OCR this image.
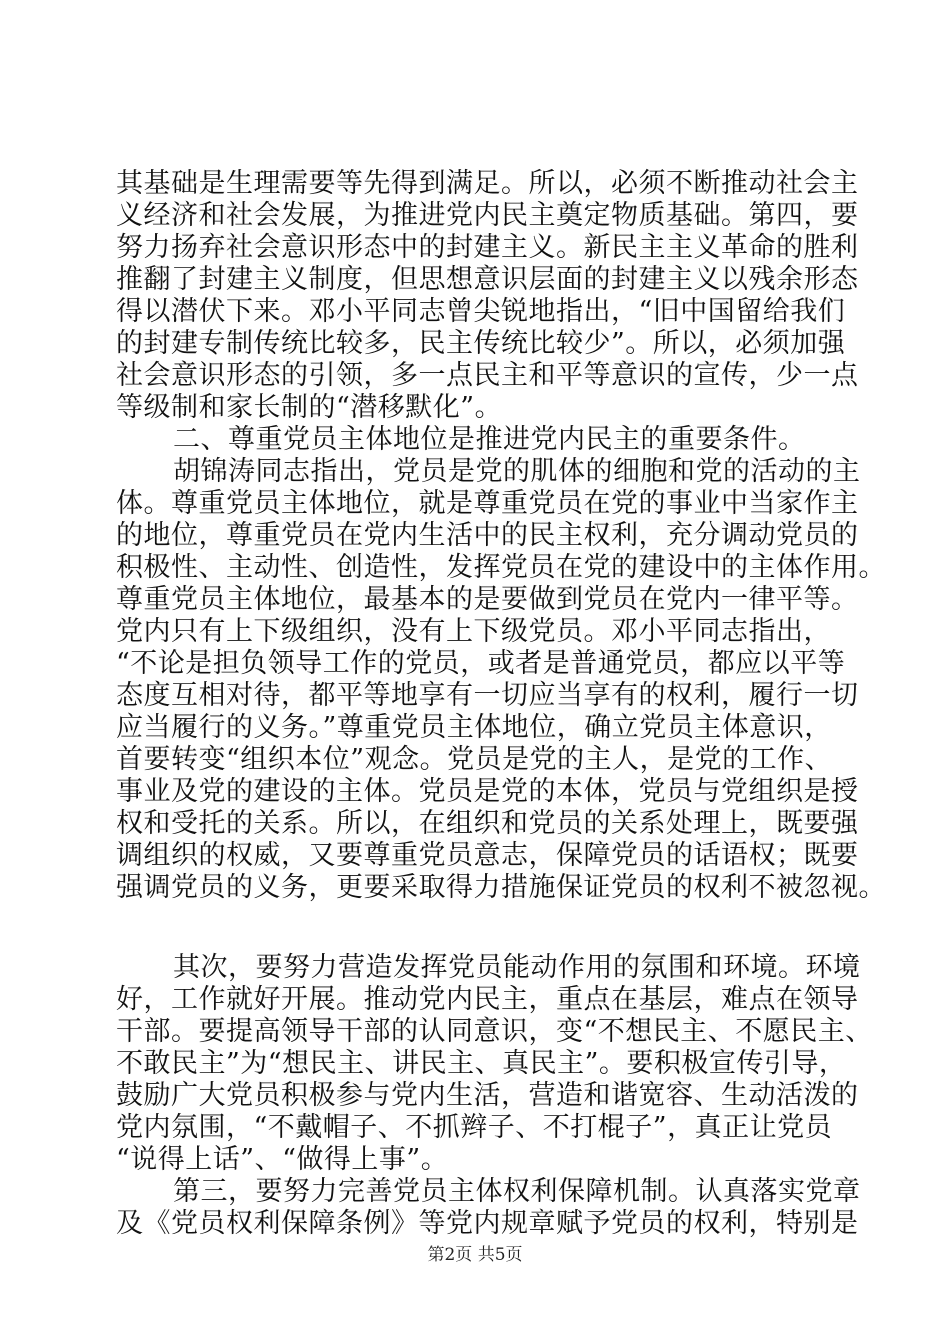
其基础是生理需要等先得到满足。所以，必须不断推动社会主
义经济和社会发展，为推进党内民主奠定物质基础。第四，要
努力扬弃社会意识形态中的封建主义。新民主主义革命的胜利
推翻了封建主义制度，但思想意识层面的封建主义以残余形态
得以潜伏下来。邓小平同志曾尖锐地指出，“旧中国留给我们
的封建专制传统比较多，民主传统比较少”。所以，必须加强
社会意识形态的引领，多一点民主和平等意识的宣传，少一点
等级制和家长制的“潜移默化”。
二、尊重党员主体地位是推进党内民主的重要条件。
胡锦涛同志指出，党员是党的肌体的细胞和党的活动的主
体。尊重党员主体地位，就是尊重党员在党的事业中当家作主
的地位，尊重党员在党内生活中的民主权利，充分调动党员的
积极性、主动性、创造性，发挥党员在党的建设中的主体作用。
尊重党员主体地位，最基本的是要做到党员在党内一律平等。
党内只有上下级组织，没有上下级党员。邓小平同志指出，
“不论是担负领导工作的党员，或者是普通党员，都应以平等
态度互相对待，都平等地享有一切应当享有的权利，履行一切
应当履行的义务。”尊重党员主体地位，确立党员主体意识，
首要转变“组织本位”观念。党员是党的主人，是党的工作、
事业及党的建设的主体。党员是党的本体，党员与党组织是授
权和受托的关系。所以，在组织和党员的关系处理上，既要强
调组织的权威，又要尊重党员意志，保障党员的话语权；既要
强调党员的义务，更要采取得力措施保证党员的权利不被忽视。
其次，要努力营造发挥党员能动作用的氛围和环境。环境
好，工作就好开展。推动党内民主，重点在基层，难点在领导
干部。要提高领导干部的认同意识，变“不想民主、不愿民主、
不敢民主”为“想民主、讲民主、真民主”。要积极宣传引导，
鼓励广大党员积极参与党内生活，营造和谐宽容、生动活泼的
党内氛围，“不戴帽子、不抓辫子、不打棍子”，真正让党员
“说得上话”、“做得上事”。
第三，要努力完善党员主体权利保障机制。认真落实党章
及《党员权利保障条例》等党内规章赋予党员的权利，特别是
第2页 共5页
